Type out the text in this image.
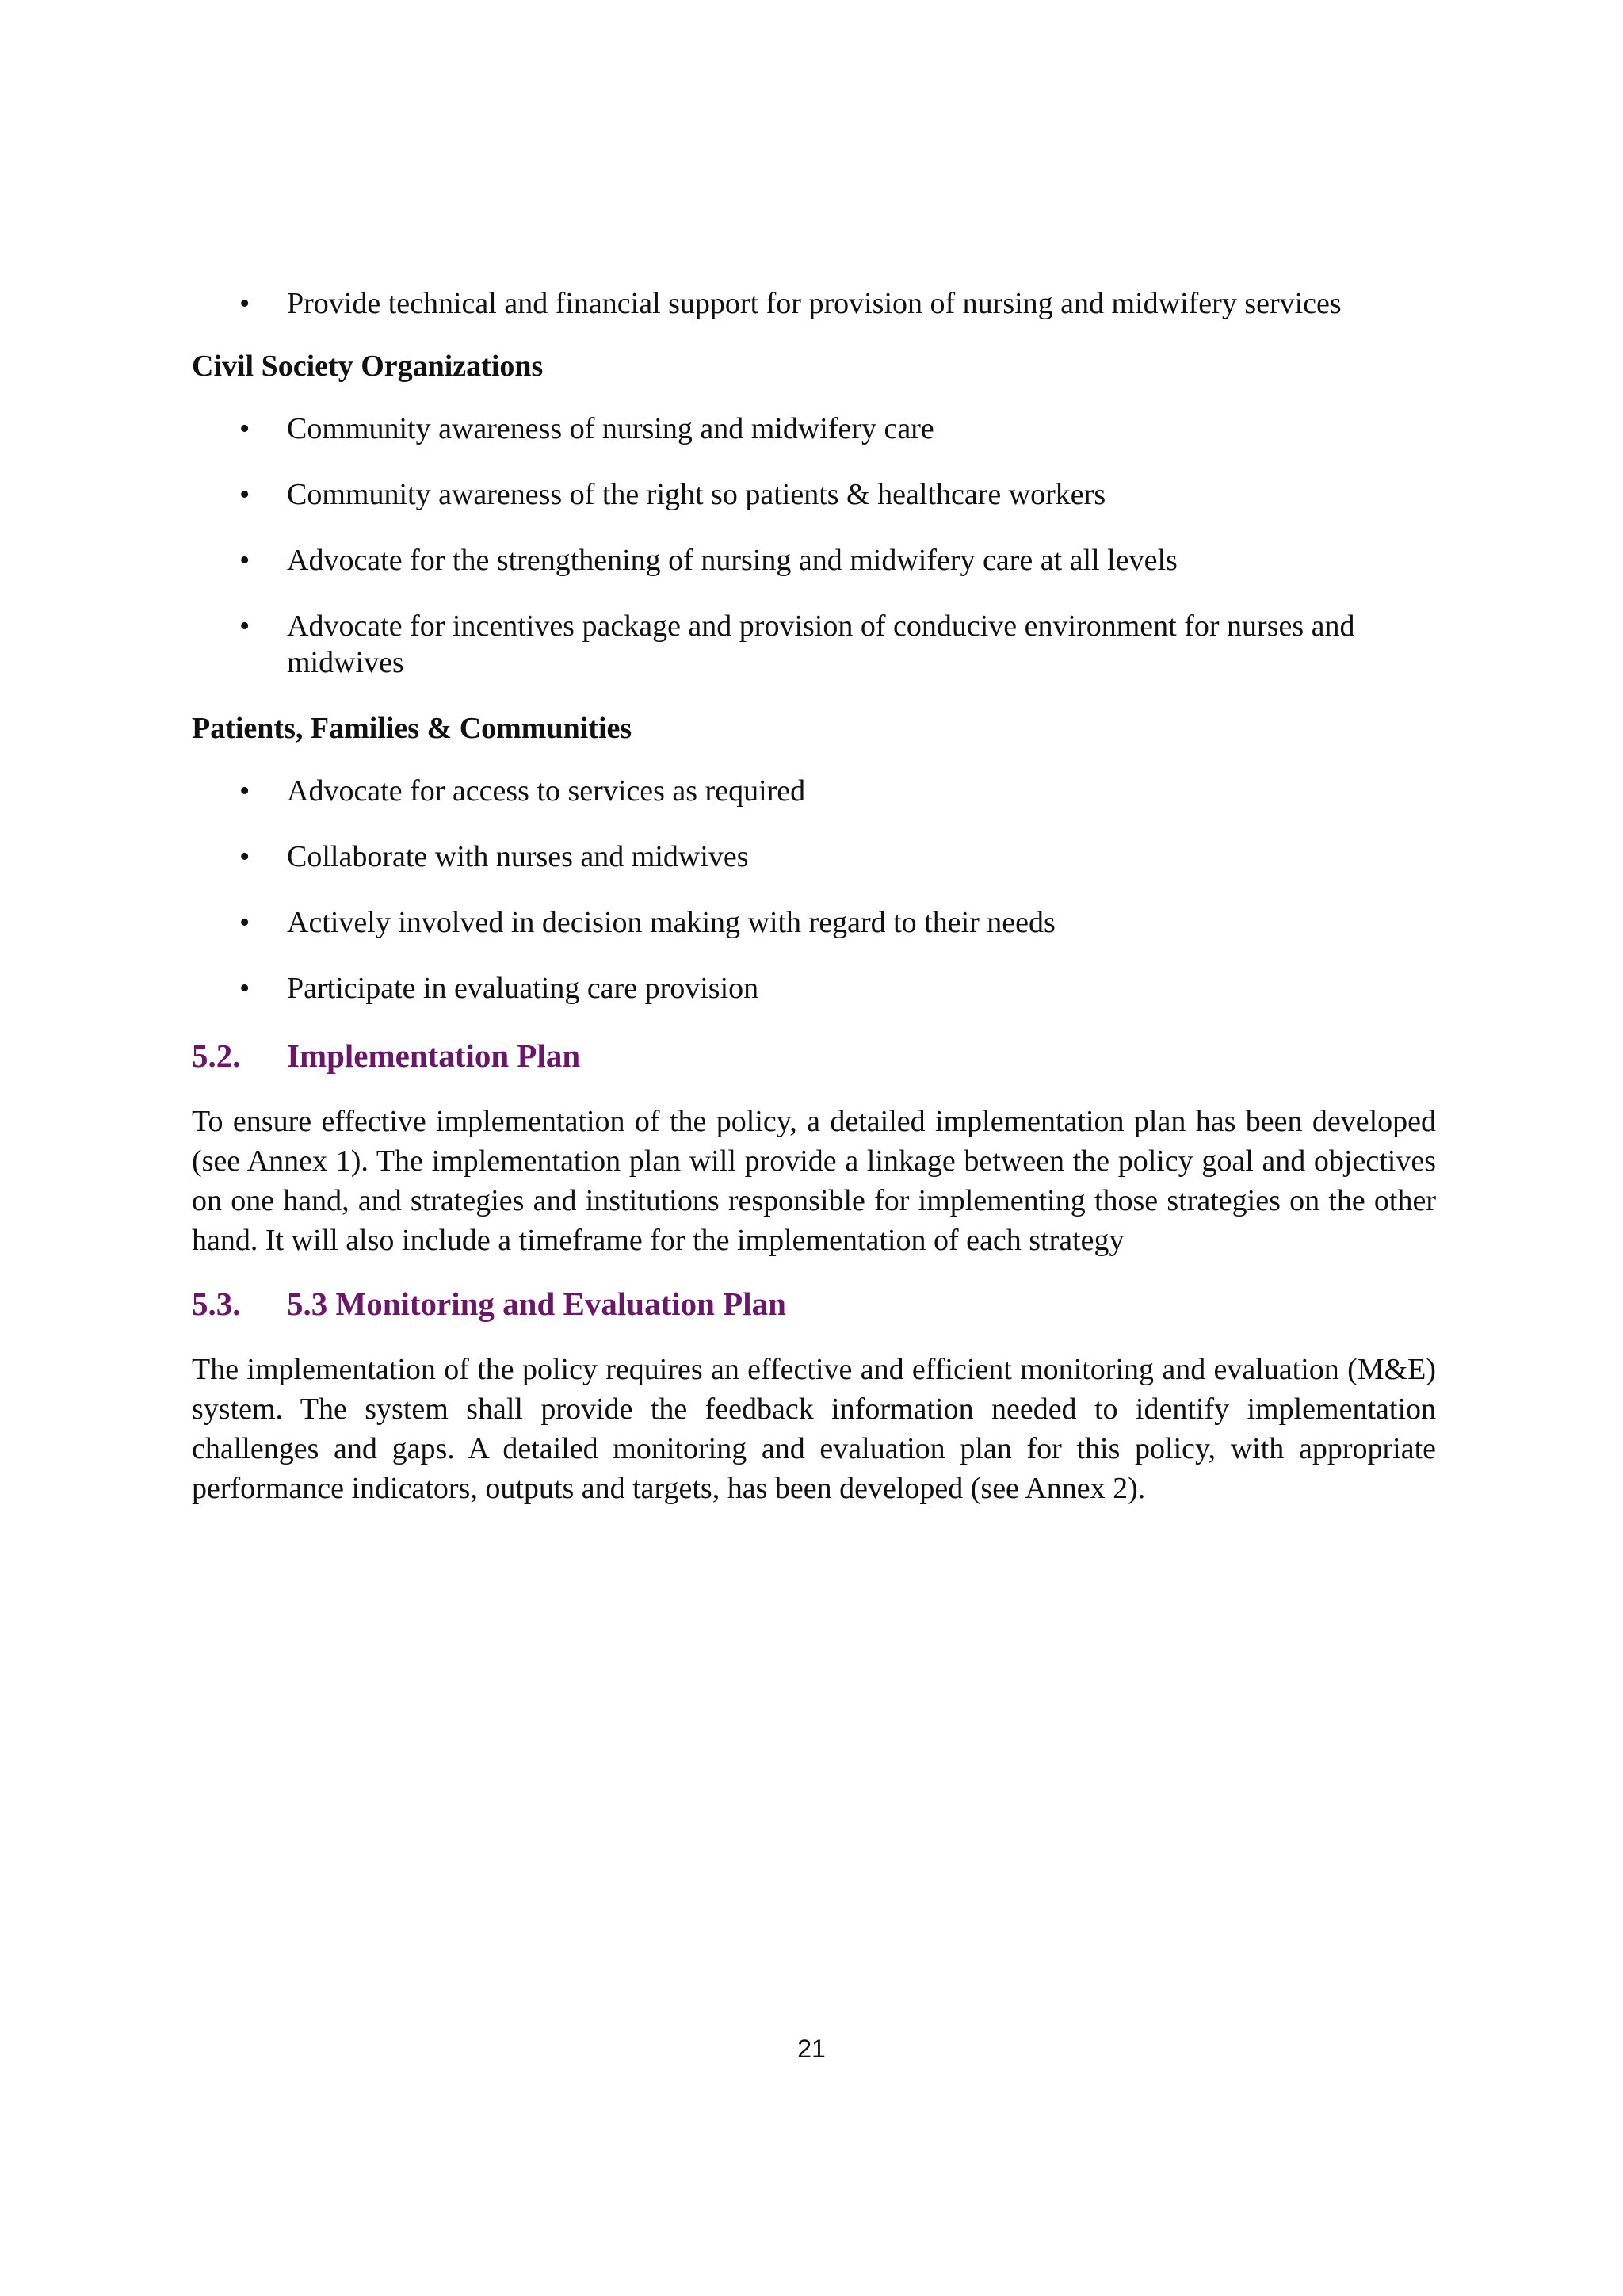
• Provide technical and financial support for provision of nursing and midwifery services
Civil Society Organizations
• Community awareness of nursing and midwifery care
• Community awareness of the right so patients & healthcare workers
• Advocate for the strengthening of nursing and midwifery care at all levels
• Advocate for incentives package and provision of conducive environment for nurses and midwives
Patients, Families & Communities
• Advocate for access to services as required
• Collaborate with nurses and midwives
• Actively involved in decision making with regard to their needs
• Participate in evaluating care provision
5.2.	Implementation Plan

To ensure effective implementation of the policy, a detailed implementation plan has been developed (see Annex 1). The implementation plan will provide a linkage between the policy goal and objectives on one hand, and strategies and institutions responsible for implementing those strategies on the other hand. It will also include a timeframe for the implementation of each strategy

5.3.	5.3 Monitoring and Evaluation Plan

The implementation of the policy requires an effective and efficient monitoring and evaluation (M&E) system. The system shall provide the feedback information needed to identify implementation challenges and gaps. A detailed monitoring and evaluation plan for this policy, with appropriate performance indicators, outputs and targets, has been developed (see Annex 2).

21
